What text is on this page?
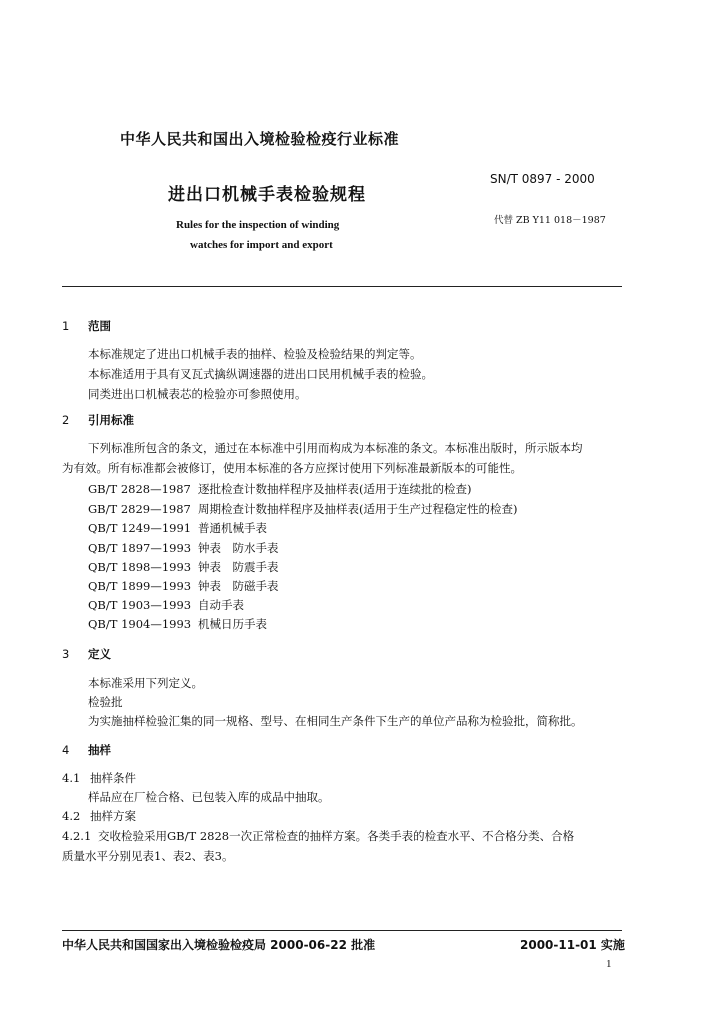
中华人民共和国出入境检验检疫行业标准
SN/T 0897 - 2000
进出口机械手表检验规程
代替 ZB Y11 018－1987
Rules for the inspection of winding
watches for import and export
1 范围
本标准规定了进出口机械手表的抽样、检验及检验结果的判定等。
本标准适用于具有叉瓦式擒纵调速器的进出口民用机械手表的检验。
同类进出口机械表芯的检验亦可参照使用。
2 引用标准
下列标准所包含的条文，通过在本标准中引用而构成为本标准的条文。本标准出版时，所示版本均
为有效。所有标准都会被修订，使用本标准的各方应探讨使用下列标准最新版本的可能性。
GB/T 2828—1987 逐批检查计数抽样程序及抽样表(适用于连续批的检查)
GB/T 2829—1987 周期检查计数抽样程序及抽样表(适用于生产过程稳定性的检查)
QB/T 1249—1991 普通机械手表
QB/T 1897—1993 钟表　防水手表
QB/T 1898—1993 钟表　防震手表
QB/T 1899—1993 钟表　防磁手表
QB/T 1903—1993 自动手表
QB/T 1904—1993 机械日历手表
3 定义
本标准采用下列定义。
检验批
为实施抽样检验汇集的同一规格、型号、在相同生产条件下生产的单位产品称为检验批，简称批。
4 抽样
4.1 抽样条件
样品应在厂检合格、已包装入库的成品中抽取。
4.2 抽样方案
4.2.1 交收检验采用GB/T 2828一次正常检查的抽样方案。各类手表的检查水平、不合格分类、合格
质量水平分别见表1、表2、表3。
中华人民共和国国家出入境检验检疫局 2000-06-22 批准	2000-11-01 实施
1
